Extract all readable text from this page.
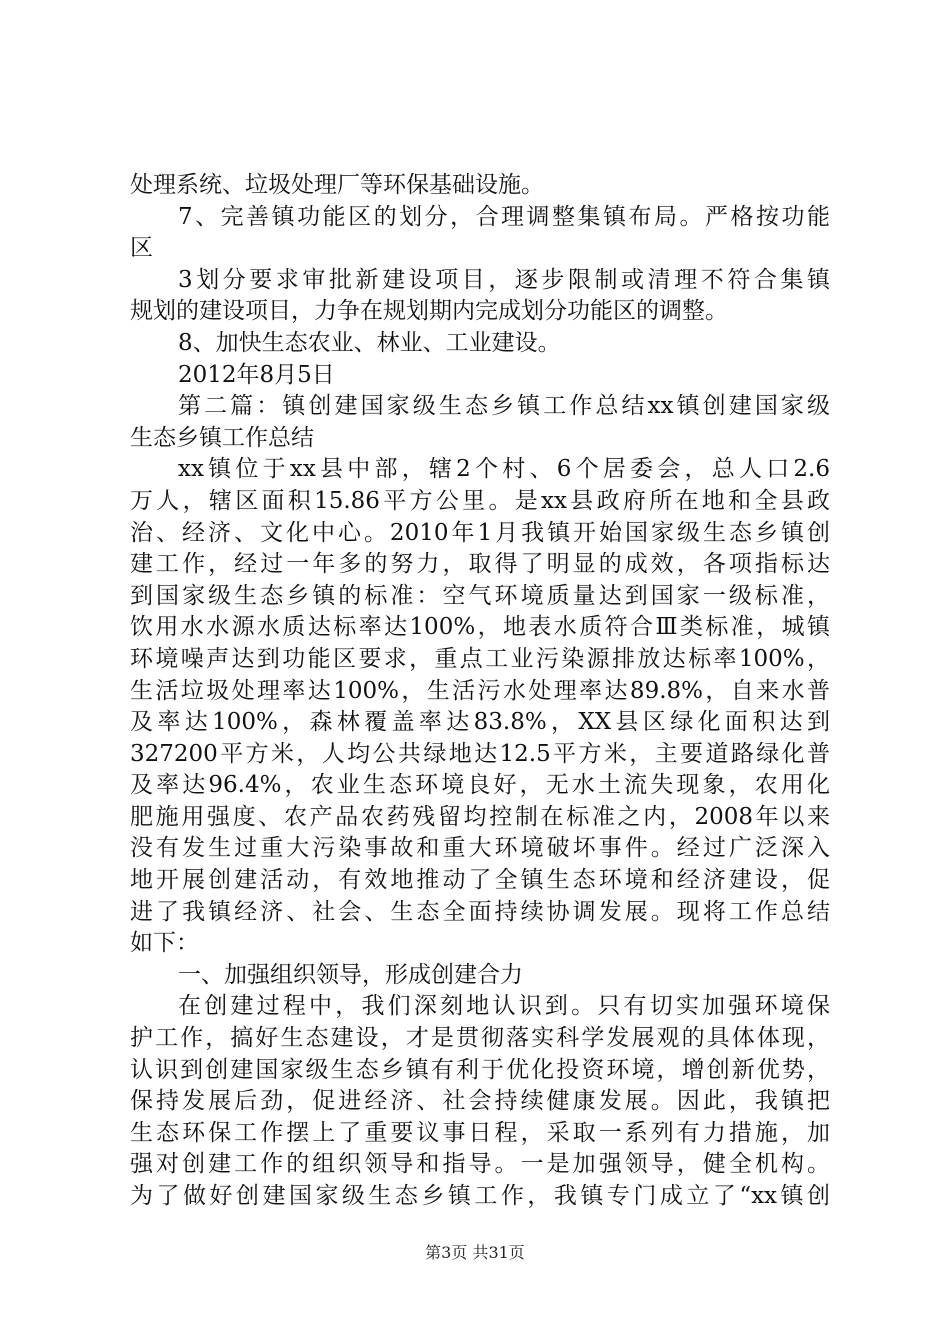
处理系统、垃圾处理厂等环保基础设施。
7、完善镇功能区的划分，合理调整集镇布局。严格按功能
区
3划分要求审批新建设项目，逐步限制或清理不符合集镇
规划的建设项目，力争在规划期内完成划分功能区的调整。
8、加快生态农业、林业、工业建设。
2012年8月5日
第二篇：镇创建国家级生态乡镇工作总结xx镇创建国家级
生态乡镇工作总结
xx镇位于xx县中部，辖2个村、6个居委会，总人口2.6
万人，辖区面积15.86平方公里。是xx县政府所在地和全县政
治、经济、文化中心。2010年1月我镇开始国家级生态乡镇创
建工作，经过一年多的努力，取得了明显的成效，各项指标达
到国家级生态乡镇的标准：空气环境质量达到国家一级标准，
饮用水水源水质达标率达100%，地表水质符合Ⅲ类标准，城镇
环境噪声达到功能区要求，重点工业污染源排放达标率100%，
生活垃圾处理率达100%，生活污水处理率达89.8%，自来水普
及率达100%，森林覆盖率达83.8%，XX县区绿化面积达到
327200平方米，人均公共绿地达12.5平方米，主要道路绿化普
及率达96.4%，农业生态环境良好，无水土流失现象，农用化
肥施用强度、农产品农药残留均控制在标准之内，2008年以来
没有发生过重大污染事故和重大环境破坏事件。经过广泛深入
地开展创建活动，有效地推动了全镇生态环境和经济建设，促
进了我镇经济、社会、生态全面持续协调发展。现将工作总结
如下：
一、加强组织领导，形成创建合力
在创建过程中，我们深刻地认识到。只有切实加强环境保
护工作，搞好生态建设，才是贯彻落实科学发展观的具体体现，
认识到创建国家级生态乡镇有利于优化投资环境，增创新优势，
保持发展后劲，促进经济、社会持续健康发展。因此，我镇把
生态环保工作摆上了重要议事日程，采取一系列有力措施，加
强对创建工作的组织领导和指导。一是加强领导，健全机构。
为了做好创建国家级生态乡镇工作，我镇专门成立了“xx镇创
第3页 共31页
